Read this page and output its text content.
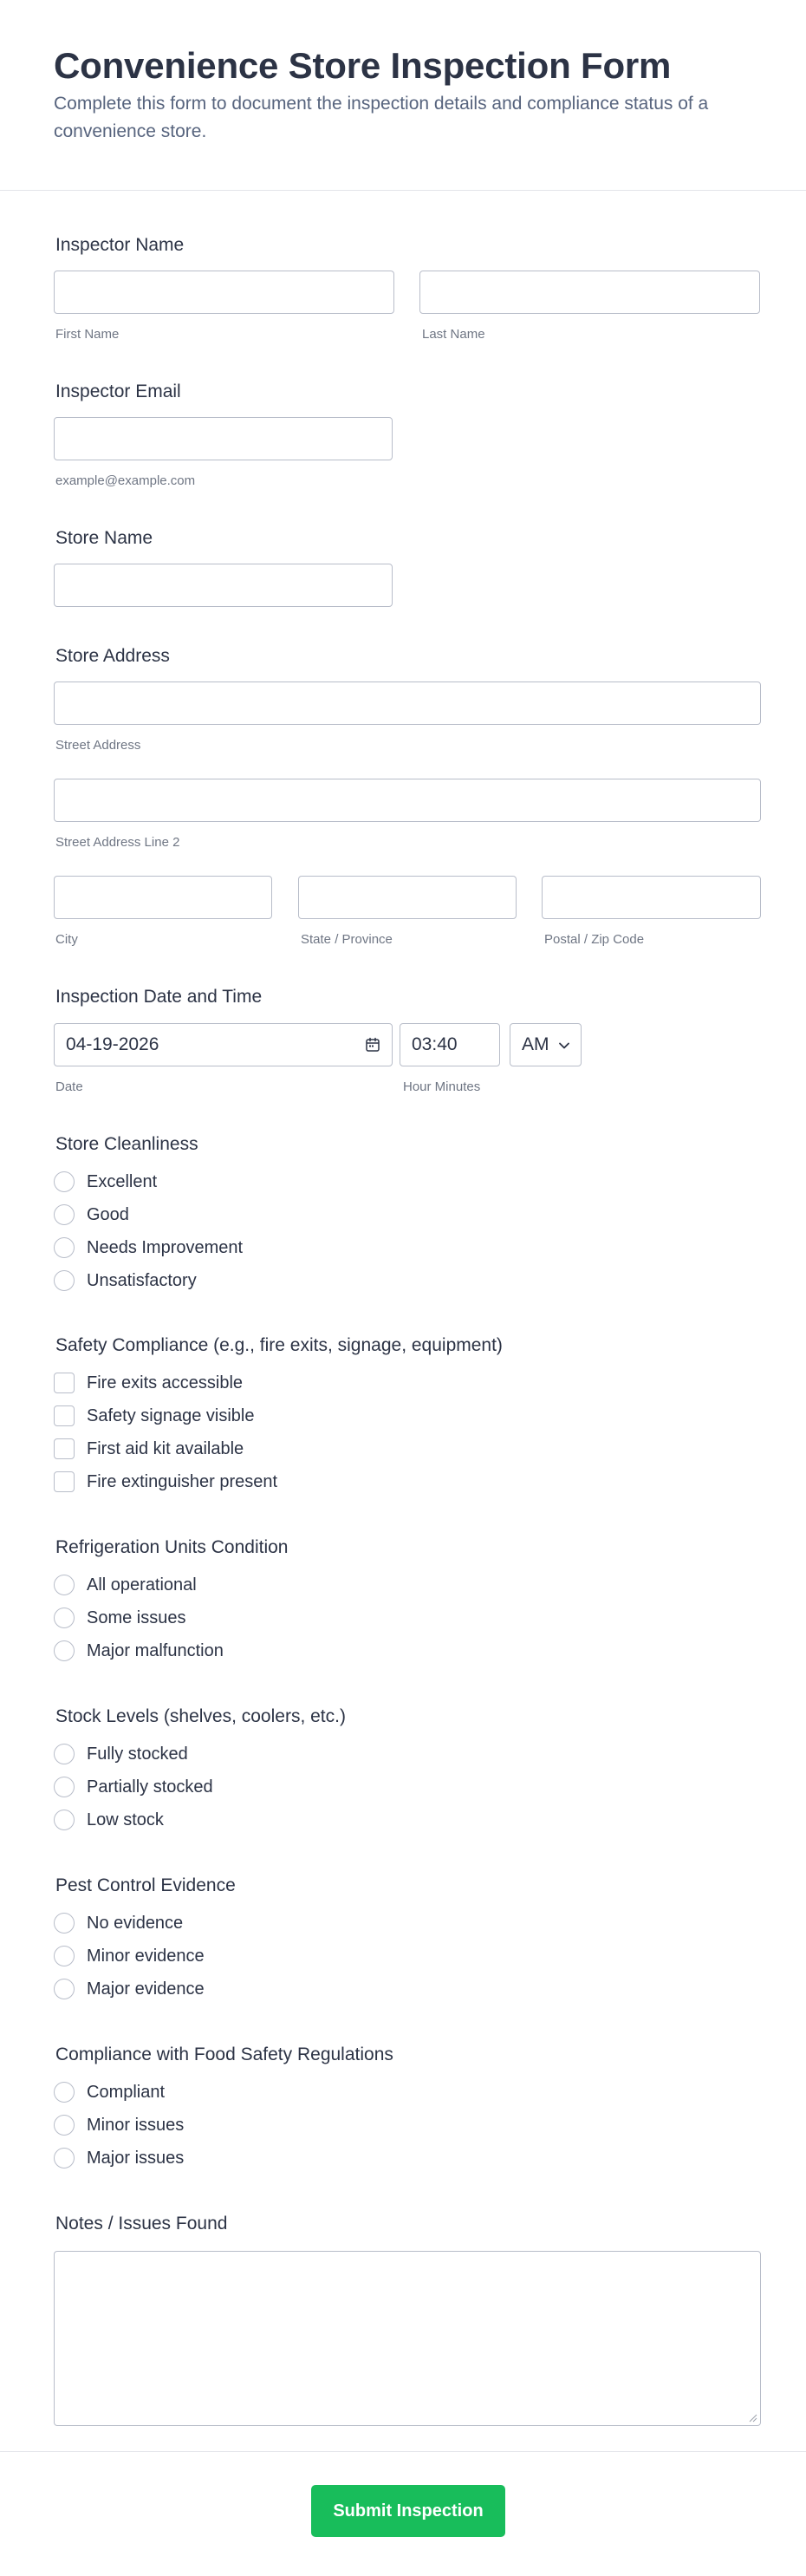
Convenience Store Inspection Form

Complete this form to document the inspection details and compliance status of a convenience store.

Inspector Name
First Name	Last Name
Inspector Email
example@example.com
Store Name
Store Address
Street Address
Street Address Line 2
City	State / Province	Postal / Zip Code
Inspection Date and Time
04-19-2026	03:40	AM
Date	Hour Minutes
Store Cleanliness
Excellent
Good
Needs Improvement
Unsatisfactory
Safety Compliance (e.g., fire exits, signage, equipment)
Fire exits accessible
Safety signage visible
First aid kit available
Fire extinguisher present
Refrigeration Units Condition
All operational
Some issues
Major malfunction
Stock Levels (shelves, coolers, etc.)
Fully stocked
Partially stocked
Low stock
Pest Control Evidence
No evidence
Minor evidence
Major evidence
Compliance with Food Safety Regulations
Compliant
Minor issues
Major issues
Notes / Issues Found
Submit Inspection
